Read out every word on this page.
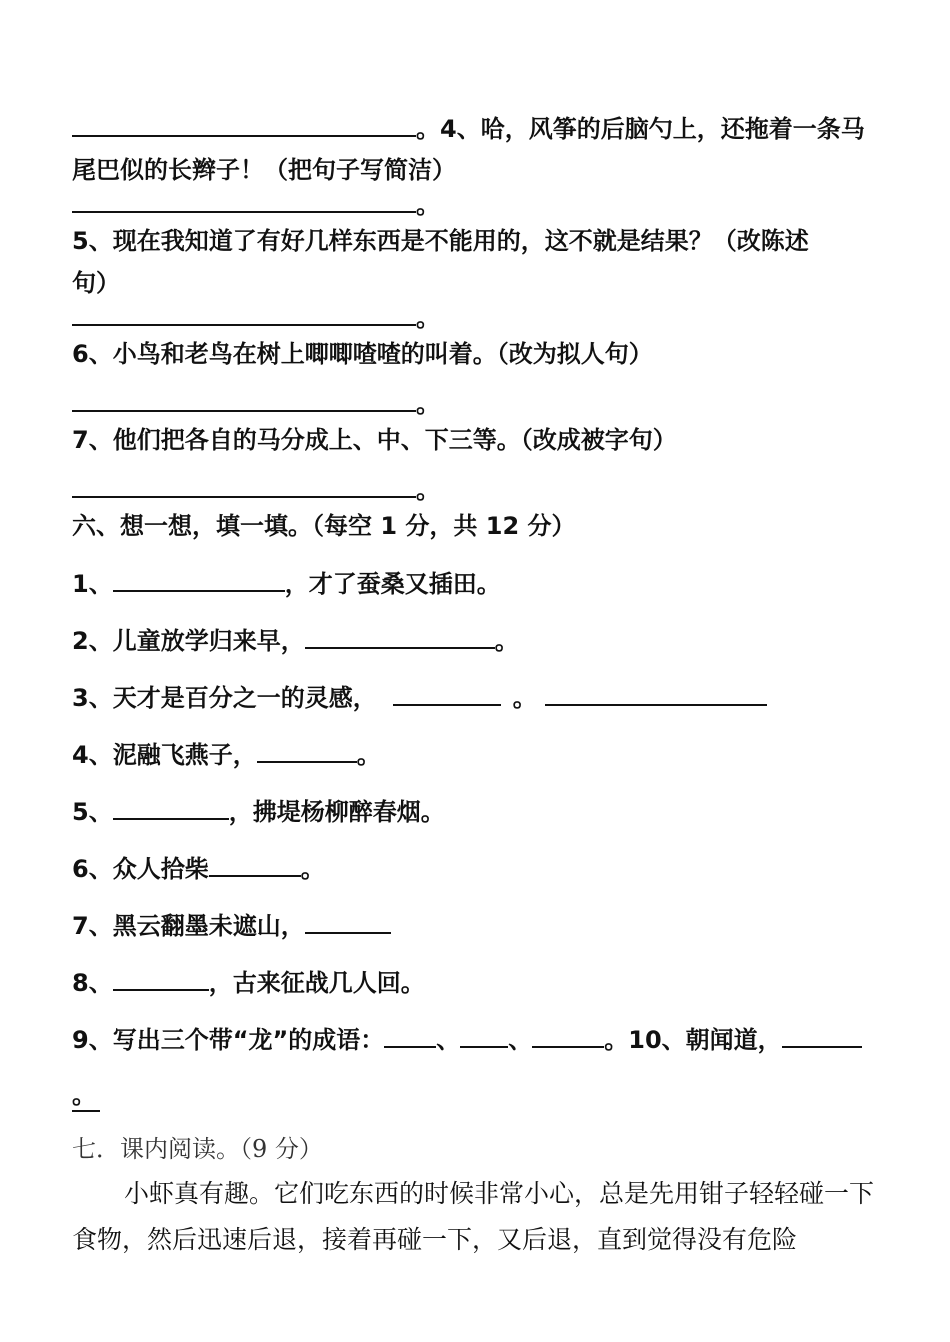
。4、哈，风筝的后脑勺上，还拖着一条马
尾巴似的长辫子！（把句子写简洁）
。
5、现在我知道了有好几样东西是不能用的，这不就是结果？（改陈述
句）
。
6、小鸟和老鸟在树上唧唧喳喳的叫着。（改为拟人句）
。
7、他们把各自的马分成上、中、下三等。（改成被字句）
。
六、想一想，填一填。（每空 1 分，共 12 分）
1、	，才了蚕桑又插田。
2、儿童放学归来早，	。
3、天才是百分之一的灵感，	。
4、泥融飞燕子，	。
5、	，拂堤杨柳醉春烟。
6、众人拾柴	。
7、黑云翻墨未遮山，
8、	，古来征战几人回。
9、写出三个带“龙”的成语： 、 、	。10、朝闻道，
。
七．课内阅读。（9 分）
小虾真有趣。它们吃东西的时候非常小心，总是先用钳子轻轻碰一下食物，然后迅速后退，接着再碰一下，又后退，直到觉得没有危险
